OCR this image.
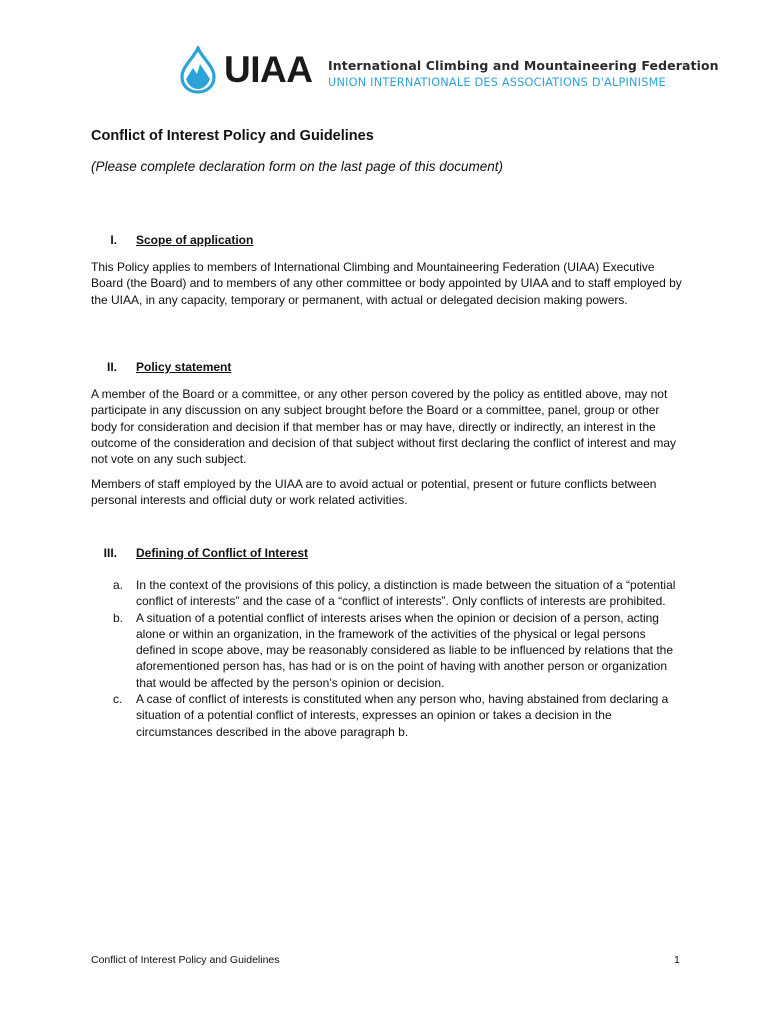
UIAA International Climbing and Mountaineering Federation
UNION INTERNATIONALE DES ASSOCIATIONS D'ALPINISME
Conflict of Interest Policy and Guidelines
(Please complete declaration form on the last page of this document)
I. Scope of application

This Policy applies to members of International Climbing and Mountaineering Federation (UIAA) Executive Board (the Board) and to members of any other committee or body appointed by UIAA and to staff employed by the UIAA, in any capacity, temporary or permanent, with actual or delegated decision making powers.

II. Policy statement

A member of the Board or a committee, or any other person covered by the policy as entitled above, may not participate in any discussion on any subject brought before the Board or a committee, panel, group or other body for consideration and decision if that member has or may have, directly or indirectly, an interest in the outcome of the consideration and decision of that subject without first declaring the conflict of interest and may not vote on any such subject.

Members of staff employed by the UIAA are to avoid actual or potential, present or future conflicts between personal interests and official duty or work related activities.

III. Defining of Conflict of Interest
a. In the context of the provisions of this policy, a distinction is made between the situation of a “potential conflict of interests” and the case of a “conflict of interests”. Only conflicts of interests are prohibited.
b. A situation of a potential conflict of interests arises when the opinion or decision of a person, acting alone or within an organization, in the framework of the activities of the physical or legal persons defined in scope above, may be reasonably considered as liable to be influenced by relations that the aforementioned person has, has had or is on the point of having with another person or organization that would be affected by the person’s opinion or decision.
c. A case of conflict of interests is constituted when any person who, having abstained from declaring a situation of a potential conflict of interests, expresses an opinion or takes a decision in the circumstances described in the above paragraph b.
Conflict of Interest Policy and Guidelines	1
